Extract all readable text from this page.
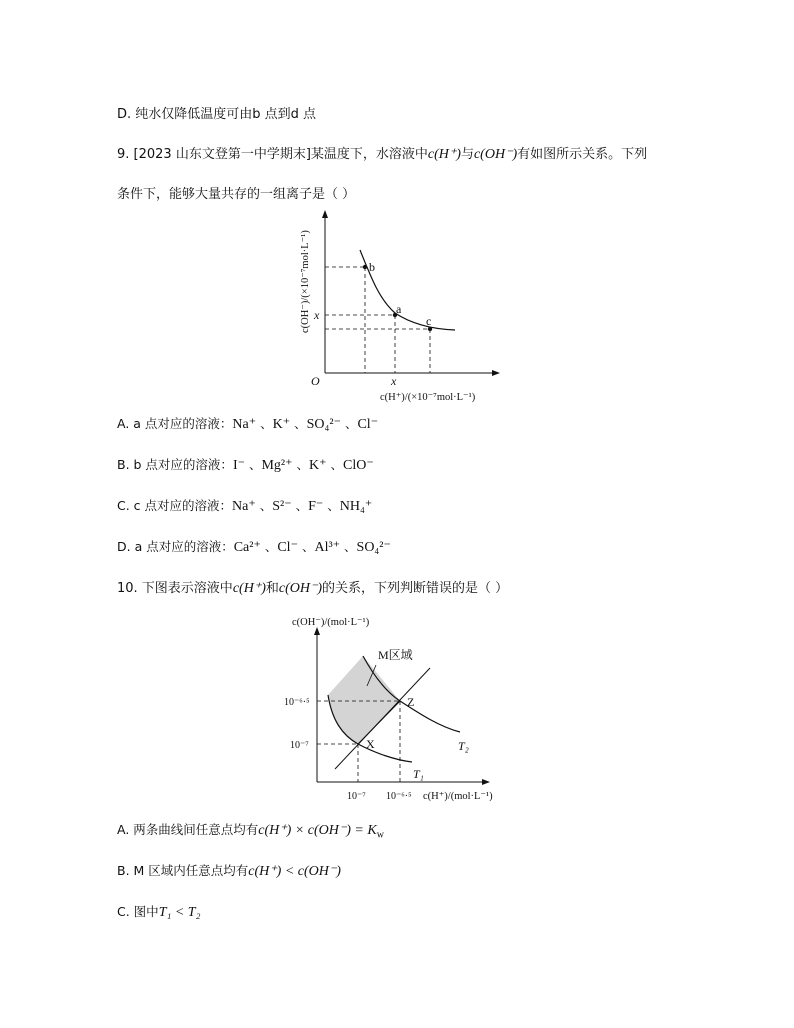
D. 纯水仅降低温度可由b 点到d 点
9. [2023 山东文登第一中学期末]某温度下，水溶液中c(H⁺)与c(OH⁻)有如图所示关系。下列
条件下，能够大量共存的一组离子是（ ）
b
a
c
x
x
O
c(H⁺)/(×10⁻⁷mol·L⁻¹)
c(OH⁻)/(×10⁻⁷mol·L⁻¹)
A. a 点对应的溶液：Na⁺ 、K⁺ 、SO₄²⁻ 、Cl⁻
B. b 点对应的溶液：I⁻ 、Mg²⁺ 、K⁺ 、ClO⁻
C. c 点对应的溶液：Na⁺ 、S²⁻ 、F⁻ 、NH₄⁺
D. a 点对应的溶液：Ca²⁺ 、Cl⁻ 、Al³⁺ 、SO₄²⁻
10. 下图表示溶液中c(H⁺)和c(OH⁻)的关系，下列判断错误的是（ ）
Z
X
T₁
T₂
M区域
10⁻⁶·⁵
10⁻⁷
10⁻⁷ 10⁻⁶·⁵ c(H⁺)/(mol·L⁻¹)
c(OH⁻)/(mol·L⁻¹)
A. 两条曲线间任意点均有$c(H^+) \times c(OH^-) = K_w$
B. M 区域内任意点均有c(H⁺) < c(OH⁻)
C. 图中T₁ < T₂
